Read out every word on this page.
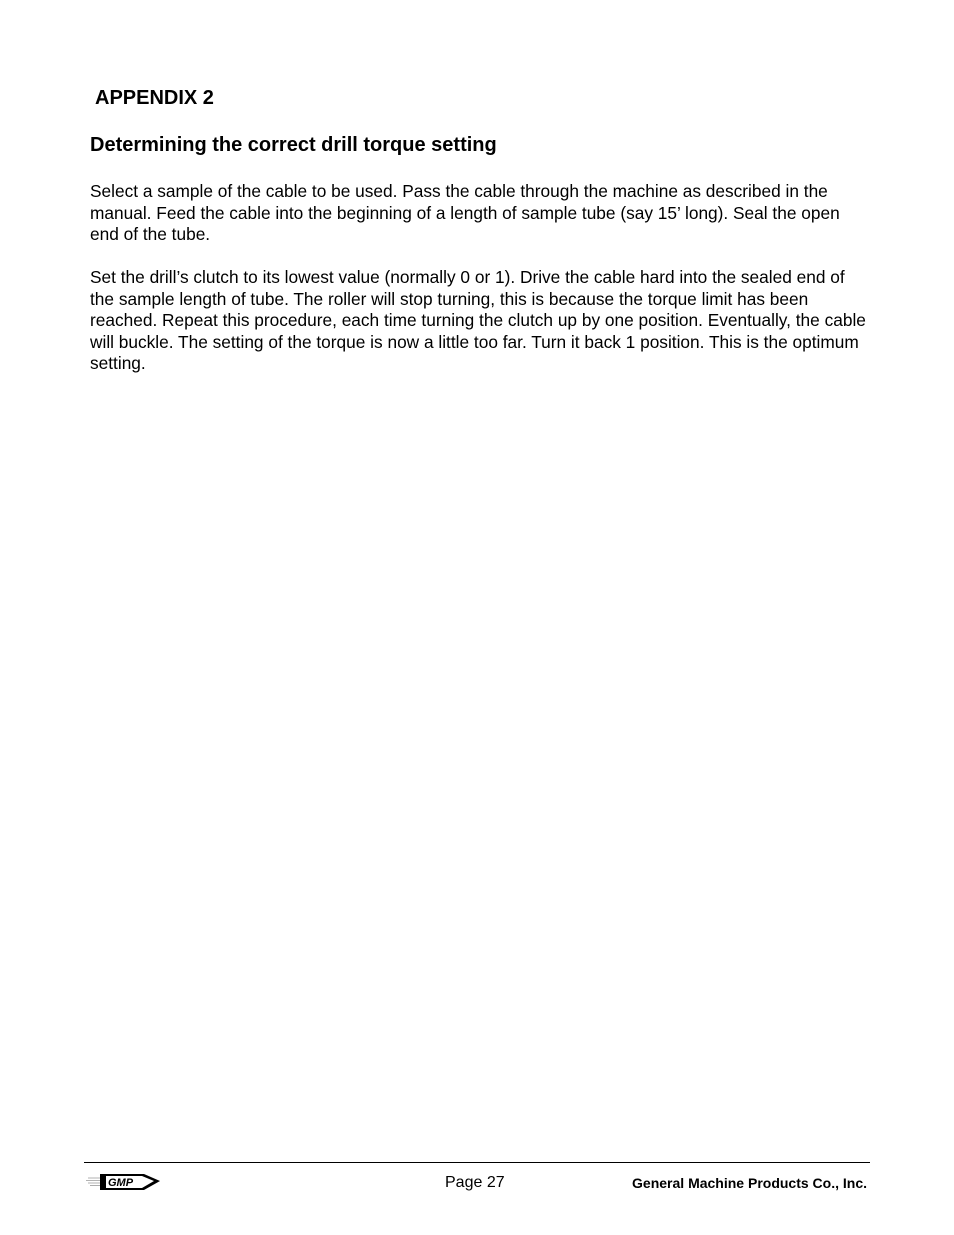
APPENDIX 2
Determining the correct drill torque setting

Select a sample of the cable to be used. Pass the cable through the machine as described in the manual. Feed the cable into the beginning of a length of sample tube (say 15’ long). Seal the open end of the tube.

Set the drill’s clutch to its lowest value (normally 0 or 1). Drive the cable hard into the sealed end of the sample length of tube. The roller will stop turning, this is because the torque limit has been reached. Repeat this procedure, each time turning the clutch up by one position. Eventually, the cable will buckle. The setting of the torque is now a little too far. Turn it back 1 position. This is the optimum setting.

GMP	Page 27	General Machine Products Co., Inc.
